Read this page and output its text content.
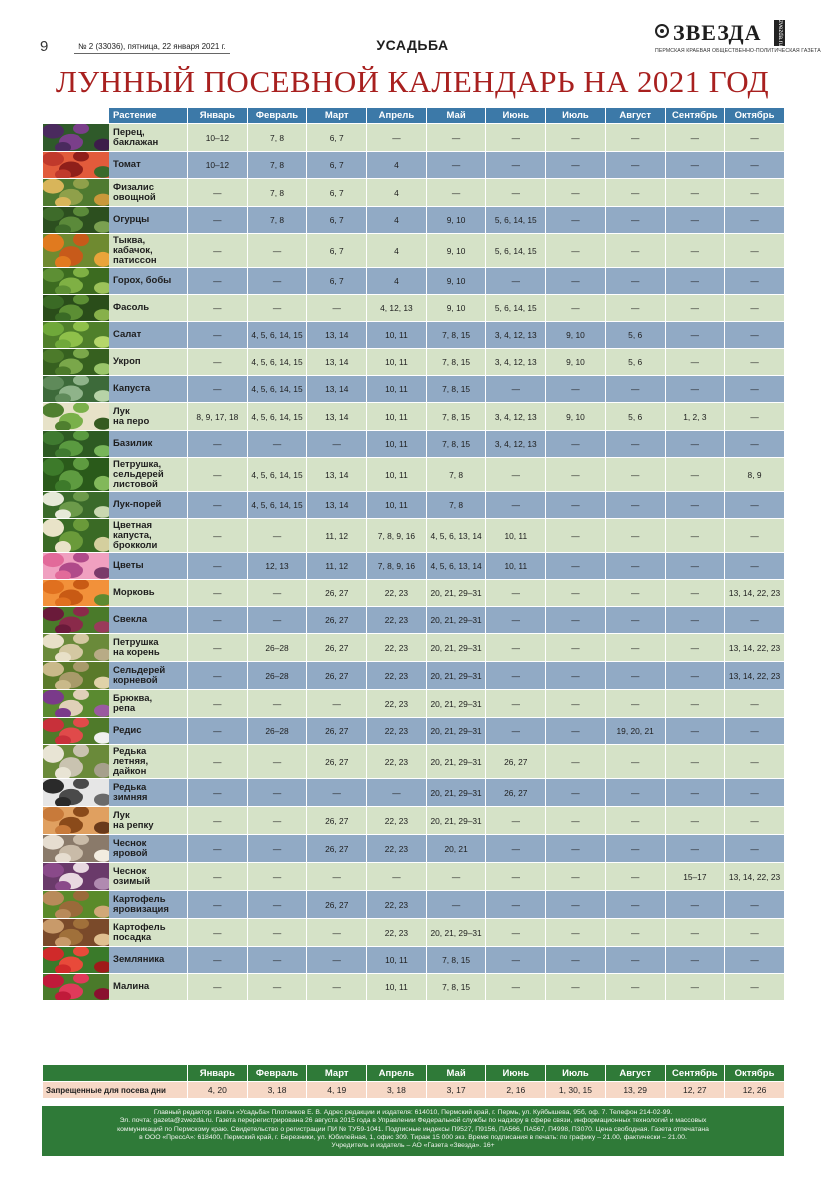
9	№ 2 (33036), пятница, 22 января 2021 г.	УСАДЬБА	ЗВЕЗДА	zvezda.ru
ПЕРМСКАЯ КРАЕВАЯ ОБЩЕСТВЕННО-ПОЛИТИЧЕСКАЯ ГАЗЕТА
ЛУННЫЙ ПОСЕВНОЙ КАЛЕНДАРЬ НА 2021 ГОД
	Растение	Январь	Февраль	Март	Апрель	Май	Июнь	Июль	Август	Сентябрь	Октябрь

	Перец,
баклажан	10–12	7, 8	6, 7	—	—	—	—	—	—	—

	Томат	10–12	7, 8	6, 7	4	—	—	—	—	—	—

	Физалис
овощной	—	7, 8	6, 7	4	—	—	—	—	—	—

	Огурцы	—	7, 8	6, 7	4	9, 10	5, 6, 14, 15	—	—	—	—

	Тыква,
кабачок,
патиссон	—	—	6, 7	4	9, 10	5, 6, 14, 15	—	—	—	—

	Горох, бобы	—	—	6, 7	4	9, 10	—	—	—	—	—

	Фасоль	—	—	—	4, 12, 13	9, 10	5, 6, 14, 15	—	—	—	—

	Салат	—	4, 5, 6, 14, 15	13, 14	10, 11	7, 8, 15	3, 4, 12, 13	9, 10	5, 6	—	—

	Укроп	—	4, 5, 6, 14, 15	13, 14	10, 11	7, 8, 15	3, 4, 12, 13	9, 10	5, 6	—	—

	Капуста	—	4, 5, 6, 14, 15	13, 14	10, 11	7, 8, 15	—	—	—	—	—

	Лук
на перо	8, 9, 17, 18	4, 5, 6, 14, 15	13, 14	10, 11	7, 8, 15	3, 4, 12, 13	9, 10	5, 6	1, 2, 3	—

	Базилик	—	—	—	10, 11	7, 8, 15	3, 4, 12, 13	—	—	—	—

	Петрушка,
сельдерей
листовой	—	4, 5, 6, 14, 15	13, 14	10, 11	7, 8	—	—	—	—	8, 9

	Лук-порей	—	4, 5, 6, 14, 15	13, 14	10, 11	7, 8	—	—	—	—	—

	Цветная
капуста,
брокколи	—	—	11, 12	7, 8, 9, 16	4, 5, 6, 13, 14	10, 11	—	—	—	—

	Цветы	—	12, 13	11, 12	7, 8, 9, 16	4, 5, 6, 13, 14	10, 11	—	—	—	—

	Морковь	—	—	26, 27	22, 23	20, 21, 29–31	—	—	—	—	13, 14, 22, 23

	Свекла	—	—	26, 27	22, 23	20, 21, 29–31	—	—	—	—	—

	Петрушка
на корень	—	26–28	26, 27	22, 23	20, 21, 29–31	—	—	—	—	13, 14, 22, 23

	Сельдерей
корневой	—	26–28	26, 27	22, 23	20, 21, 29–31	—	—	—	—	13, 14, 22, 23

	Брюква,
репа	—	—	—	22, 23	20, 21, 29–31	—	—	—	—	—

	Редис	—	26–28	26, 27	22, 23	20, 21, 29–31	—	—	19, 20, 21	—	—

	Редька
летняя,
дайкон	—	—	26, 27	22, 23	20, 21, 29–31	26, 27	—	—	—	—

	Редька
зимняя	—	—	—	—	20, 21, 29–31	26, 27	—	—	—	—

	Лук
на репку	—	—	26, 27	22, 23	20, 21, 29–31	—	—	—	—	—

	Чеснок
яровой	—	—	26, 27	22, 23	20, 21	—	—	—	—	—

	Чеснок
озимый	—	—	—	—	—	—	—	—	15–17	13, 14, 22, 23

	Картофель
яровизация	—	—	26, 27	22, 23	—	—	—	—	—	—

	Картофель
посадка	—	—	—	22, 23	20, 21, 29–31	—	—	—	—	—

	Земляника	—	—	—	10, 11	7, 8, 15	—	—	—	—	—

	Малина	—	—	—	10, 11	7, 8, 15	—	—	—	—	—
	Январь	Февраль	Март	Апрель	Май	Июнь	Июль	Август	Сентябрь	Октябрь
Запрещенные для посева дни	4, 20	3, 18	4, 19	3, 18	3, 17	2, 16	1, 30, 15	13, 29	12, 27	12, 26
Главный редактор газеты «Усадьба» Плотников Е. В. Адрес редакции и издателя: 614010, Пермский край, г. Пермь, ул. Куйбышева, 95б, оф. 7. Телефон 214-02-99.
Эл. почта: gazeta@zwezda.ru. Газета перерегистрирована 26 августа 2015 года в Управлении Федеральной службы по надзору в сфере связи, информационных технологий и массовых
коммуникаций по Пермскому краю. Свидетельство о регистрации ПИ № ТУ59-1041. Подписные индексы П9527, П9156, ПА566, ПА567, П4998, П3070. Цена свободная. Газета отпечатана
в ООО «ПрессА»: 618400, Пермский край, г. Березники, ул. Юбилейная, 1, офис 309. Тираж 15 000 экз. Время подписания в печать: по графику – 21.00, фактически – 21.00.
Учредитель и издатель – АО «Газета «Звезда». 16+
